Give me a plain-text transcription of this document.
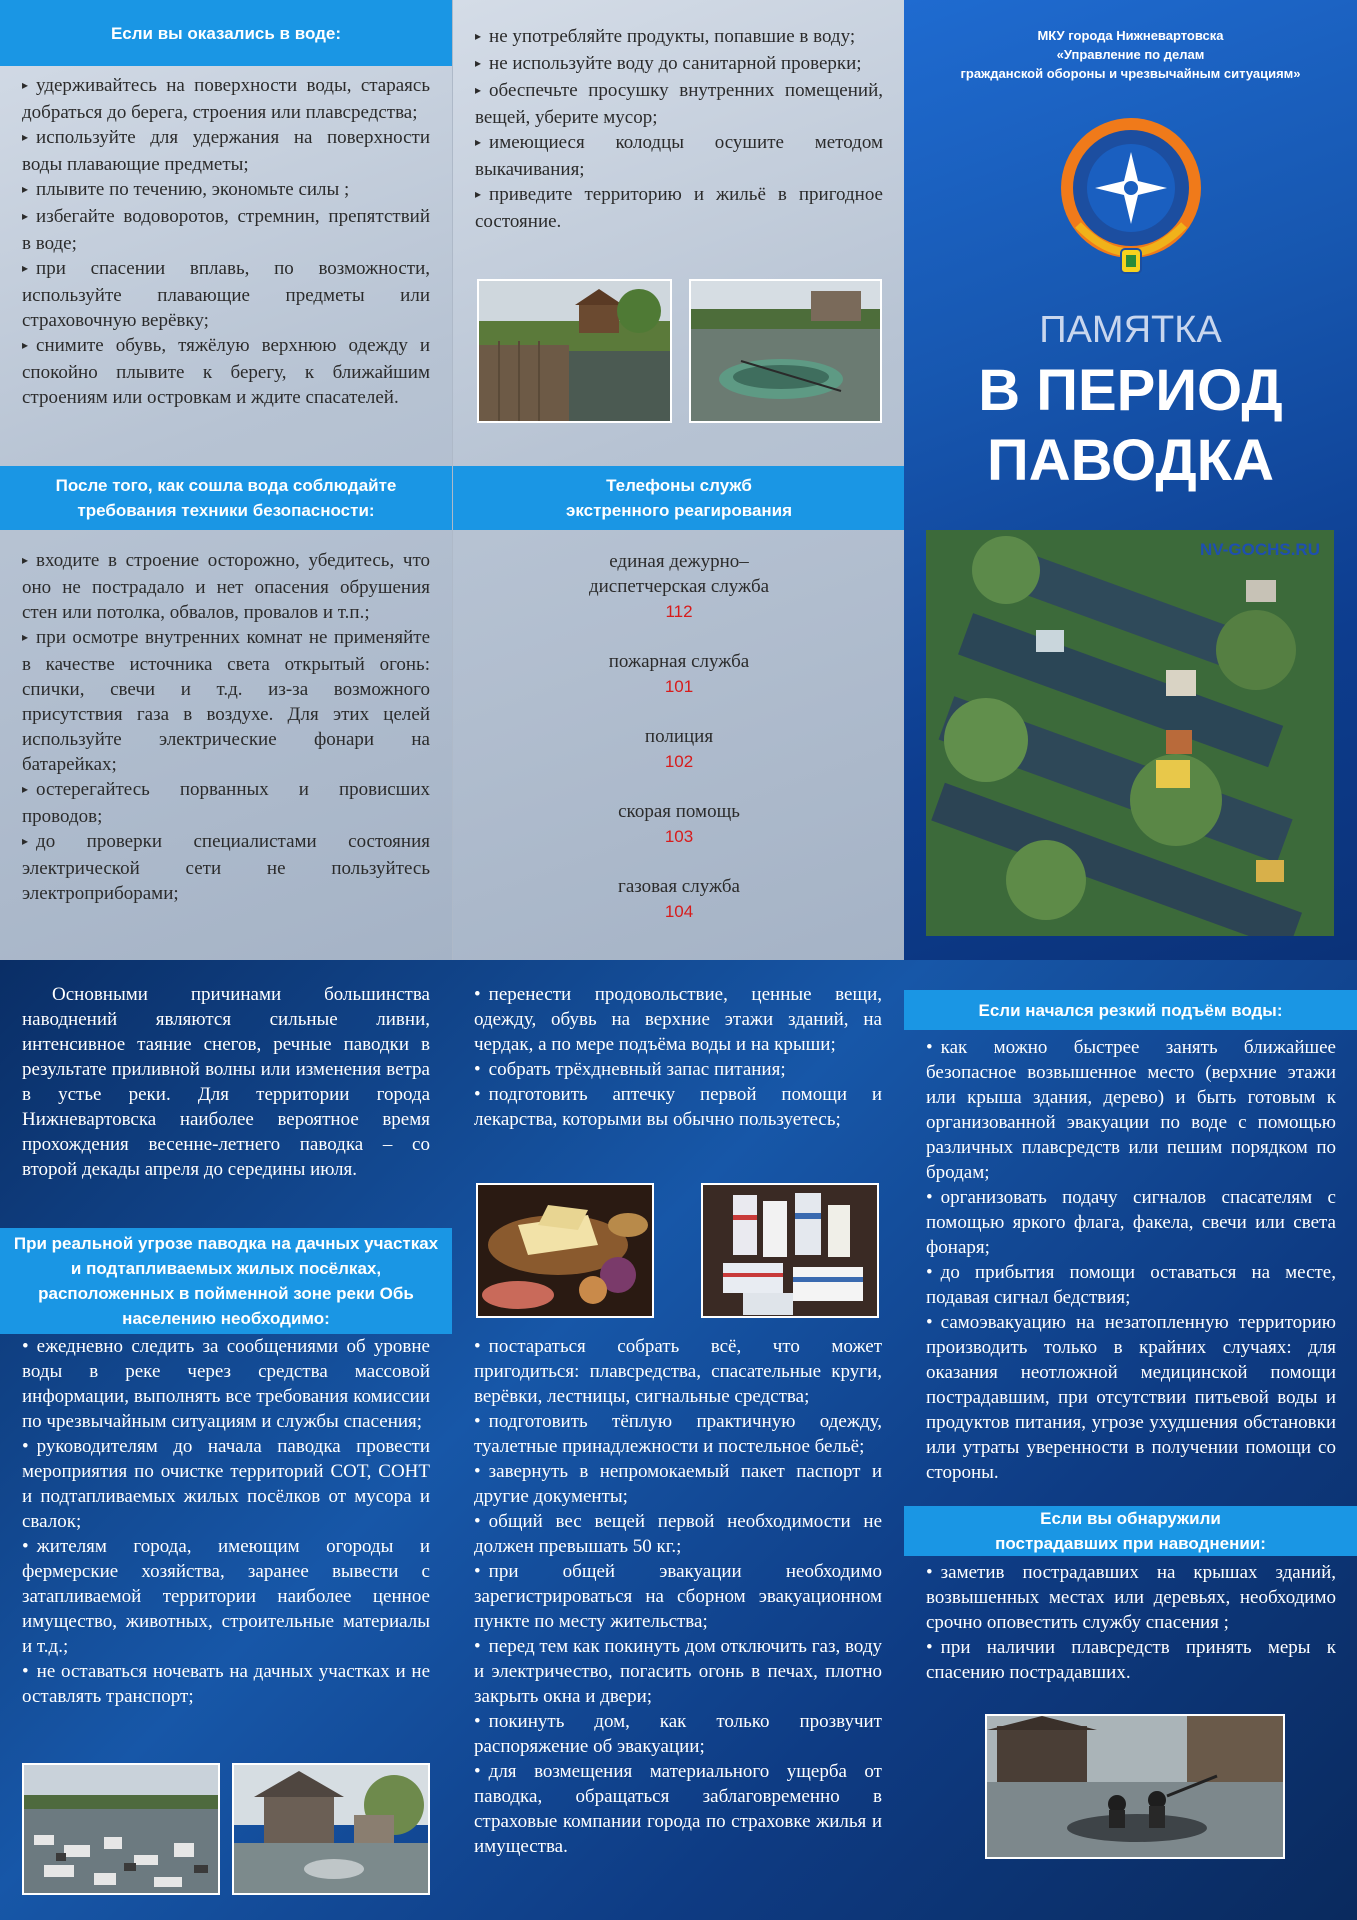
Если вы оказались в воде:

▸ удерживайтесь на поверхности воды, стараясь добраться до берега, строения или плавсредства;

▸ используйте для удержания на поверхности воды плавающие предметы;

▸ плывите по течению, экономьте силы ;

▸ избегайте водоворотов, стремнин, препятствий в воде;

▸ при спасении вплавь, по возможности, используйте плавающие предметы или страховочную верёвку;

▸ снимите обувь, тяжёлую верхнюю одежду и спокойно плывите к берегу, к ближайшим строениям или островкам и ждите спасателей.

После того, как сошла вода соблюдайте требования техники безопасности:

▸ входите в строение осторожно, убедитесь, что оно не пострадало и нет опасения обрушения стен или потолка, обвалов, провалов и т.п.;

▸ при осмотре внутренних комнат не применяйте в качестве источника света открытый огонь: спички, свечи и т.д. из-за возможного присутствия газа в воздухе. Для этих целей используйте электрические фонари на батарейках;

▸ остерегайтесь порванных и провисших проводов;

▸ до проверки специалистами состояния электрической сети не пользуйтесь электроприборами;

▸ не употребляйте продукты, попавшие в воду;

▸ не используйте воду до санитарной проверки;

▸ обеспечьте просушку внутренних помещений, вещей, уберите мусор;

▸ имеющиеся колодцы осушите методом выкачивания;

▸ приведите территорию и жильё в пригодное состояние.

Телефоны служб
экстренного реагирования
единая дежурно–диспетчерская служба
112
пожарная служба
101
полиция
102
скорая помощь
103
газовая служба
104
МКУ города Нижневартовска
«Управление по делам
гражданской обороны и чрезвычайным ситуациям»
ПАМЯТКА
В ПЕРИОД
ПАВОДКА
NV-GOCHS.RU

Основными причинами большинства наводнений являются сильные ливни, интенсивное таяние снегов, речные паводки в результате приливной волны или изменения ветра в устье реки. Для территории города Нижневартовска наиболее вероятное время прохождения весенне-летнего паводка – со второй декады апреля до середины июля.

При реальной угрозе паводка на дачных участках и подтапливаемых жилых посёлках, расположенных в пойменной зоне реки Обь населению необходимо:

• ежедневно следить за сообщениями об уровне воды в реке через средства массовой информации, выполнять все требования комиссии по чрезвычайным ситуациям и службы спасения;

• руководителям до начала паводка провести мероприятия по очистке территорий СОТ, СОНТ и подтапливаемых жилых посёлков от мусора и свалок;

• жителям города, имеющим огороды и фермерские хозяйства, заранее вывести с затапливаемой территории наиболее ценное имущество, животных, строительные материалы и т.д.;

• не оставаться ночевать на дачных участках и не оставлять транспорт;

• перенести продовольствие, ценные вещи, одежду, обувь на верхние этажи зданий, на чердак, а по мере подъёма воды и на крыши;

• собрать трёхдневный запас питания;

• подготовить аптечку первой помощи и лекарства, которыми вы обычно пользуетесь;

• постараться собрать всё, что может пригодиться: плавсредства, спасательные круги, верёвки, лестницы, сигнальные средства;

• подготовить тёплую практичную одежду, туалетные принадлежности и постельное бельё;

• завернуть в непромокаемый пакет паспорт и другие документы;

• общий вес вещей первой необходимости не должен превышать 50 кг.;

• при общей эвакуации необходимо зарегистрироваться на сборном эвакуационном пункте по месту жительства;

• перед тем как покинуть дом отключить газ, воду и электричество, погасить огонь в печах, плотно закрыть окна и двери;

• покинуть дом, как только прозвучит распоряжение об эвакуации;

• для возмещения материального ущерба от паводка, обращаться заблаговременно в страховые компании города по страховке жилья и имущества.

Если начался резкий подъём воды:

• как можно быстрее занять ближайшее безопасное возвышенное место (верхние этажи или крыша здания, дерево) и быть готовым к организованной эвакуации по воде с помощью различных плавсредств или пешим порядком по бродам;

• организовать подачу сигналов спасателям с помощью яркого флага, факела, свечи или света фонаря;

• до прибытия помощи оставаться на месте, подавая сигнал бедствия;

• самоэвакуацию на незатопленную территорию производить только в крайних случаях: для оказания неотложной медицинской помощи пострадавшим, при отсутствии питьевой воды и продуктов питания, угрозе ухудшения обстановки или утраты уверенности в получении помощи со стороны.

Если вы обнаружили
пострадавших при наводнении:

• заметив пострадавших на крышах зданий, возвышенных местах или деревьях, необходимо срочно оповестить службу спасения ;

• при наличии плавсредств принять меры к спасению пострадавших.
